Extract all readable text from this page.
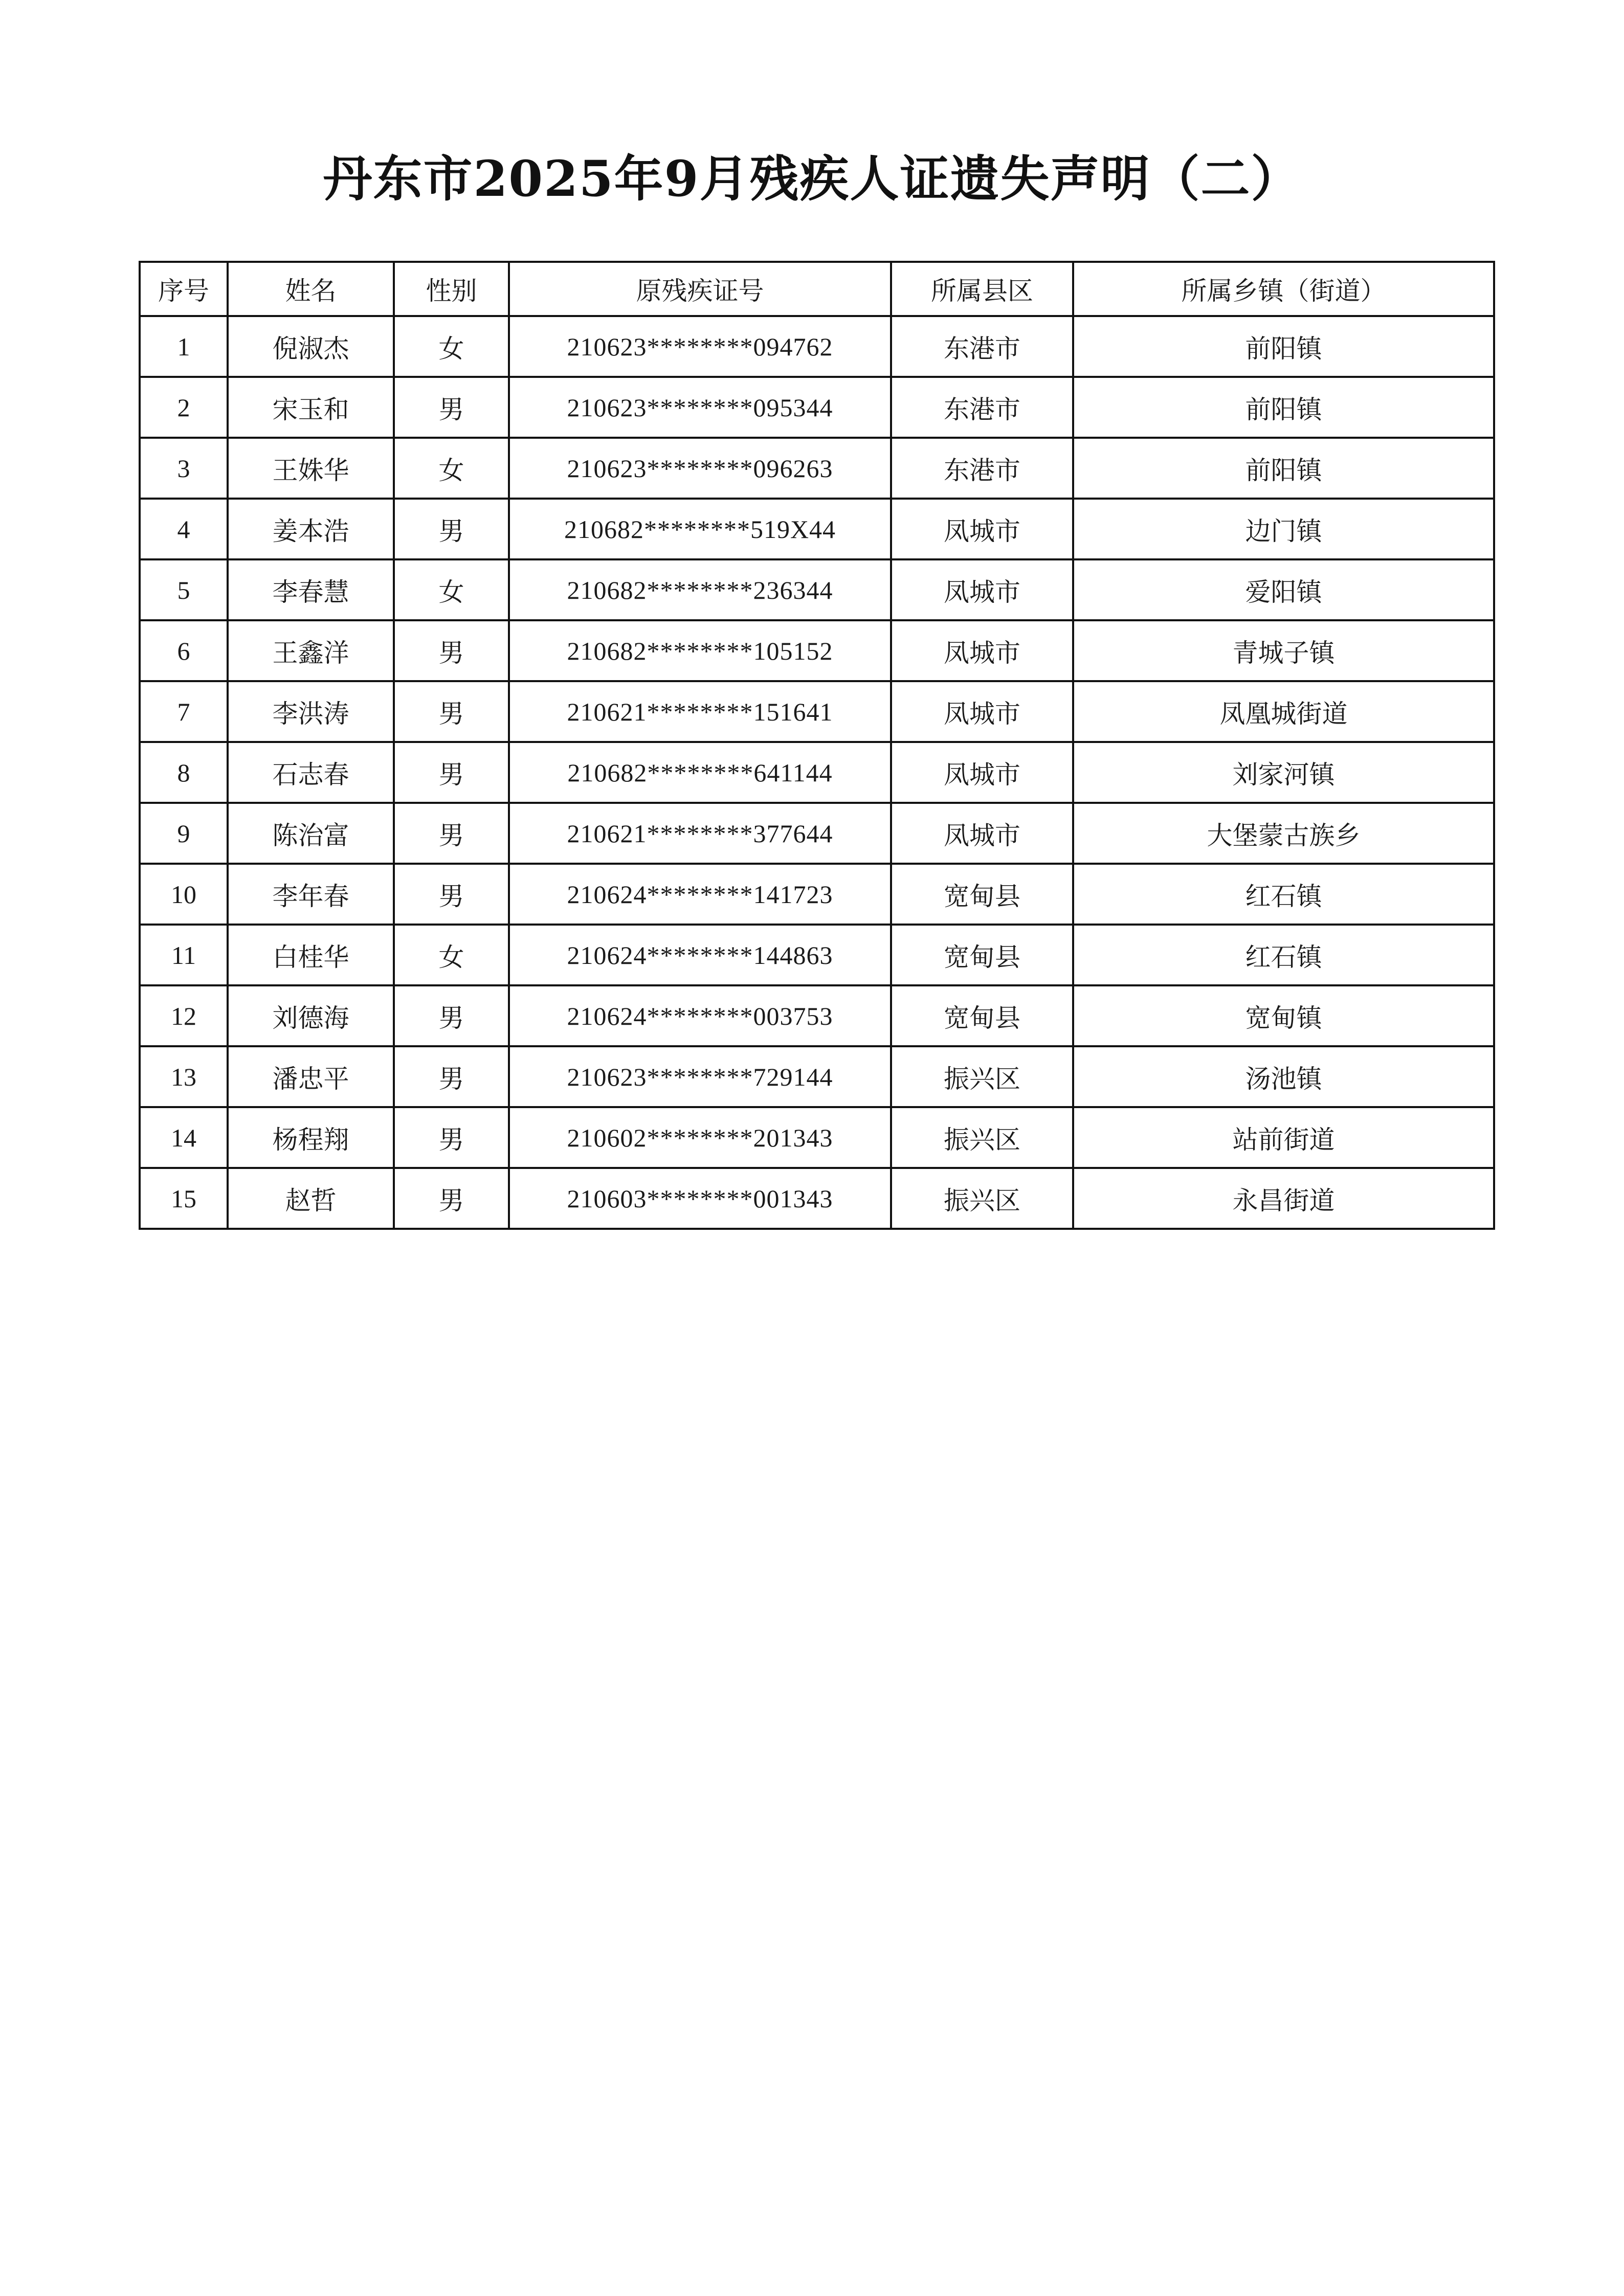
丹东市2025年9月残疾人证遗失声明（二）
序号	姓名	性别	原残疾证号	所属县区	所属乡镇（街道）
1	倪淑杰	女	210623********094762	东港市	前阳镇
2	宋玉和	男	210623********095344	东港市	前阳镇
3	王姝华	女	210623********096263	东港市	前阳镇
4	姜本浩	男	210682********519X44	凤城市	边门镇
5	李春慧	女	210682********236344	凤城市	爱阳镇
6	王鑫洋	男	210682********105152	凤城市	青城子镇
7	李洪涛	男	210621********151641	凤城市	凤凰城街道
8	石志春	男	210682********641144	凤城市	刘家河镇
9	陈治富	男	210621********377644	凤城市	大堡蒙古族乡
10	李年春	男	210624********141723	宽甸县	红石镇
11	白桂华	女	210624********144863	宽甸县	红石镇
12	刘德海	男	210624********003753	宽甸县	宽甸镇
13	潘忠平	男	210623********729144	振兴区	汤池镇
14	杨程翔	男	210602********201343	振兴区	站前街道
15	赵哲	男	210603********001343	振兴区	永昌街道
